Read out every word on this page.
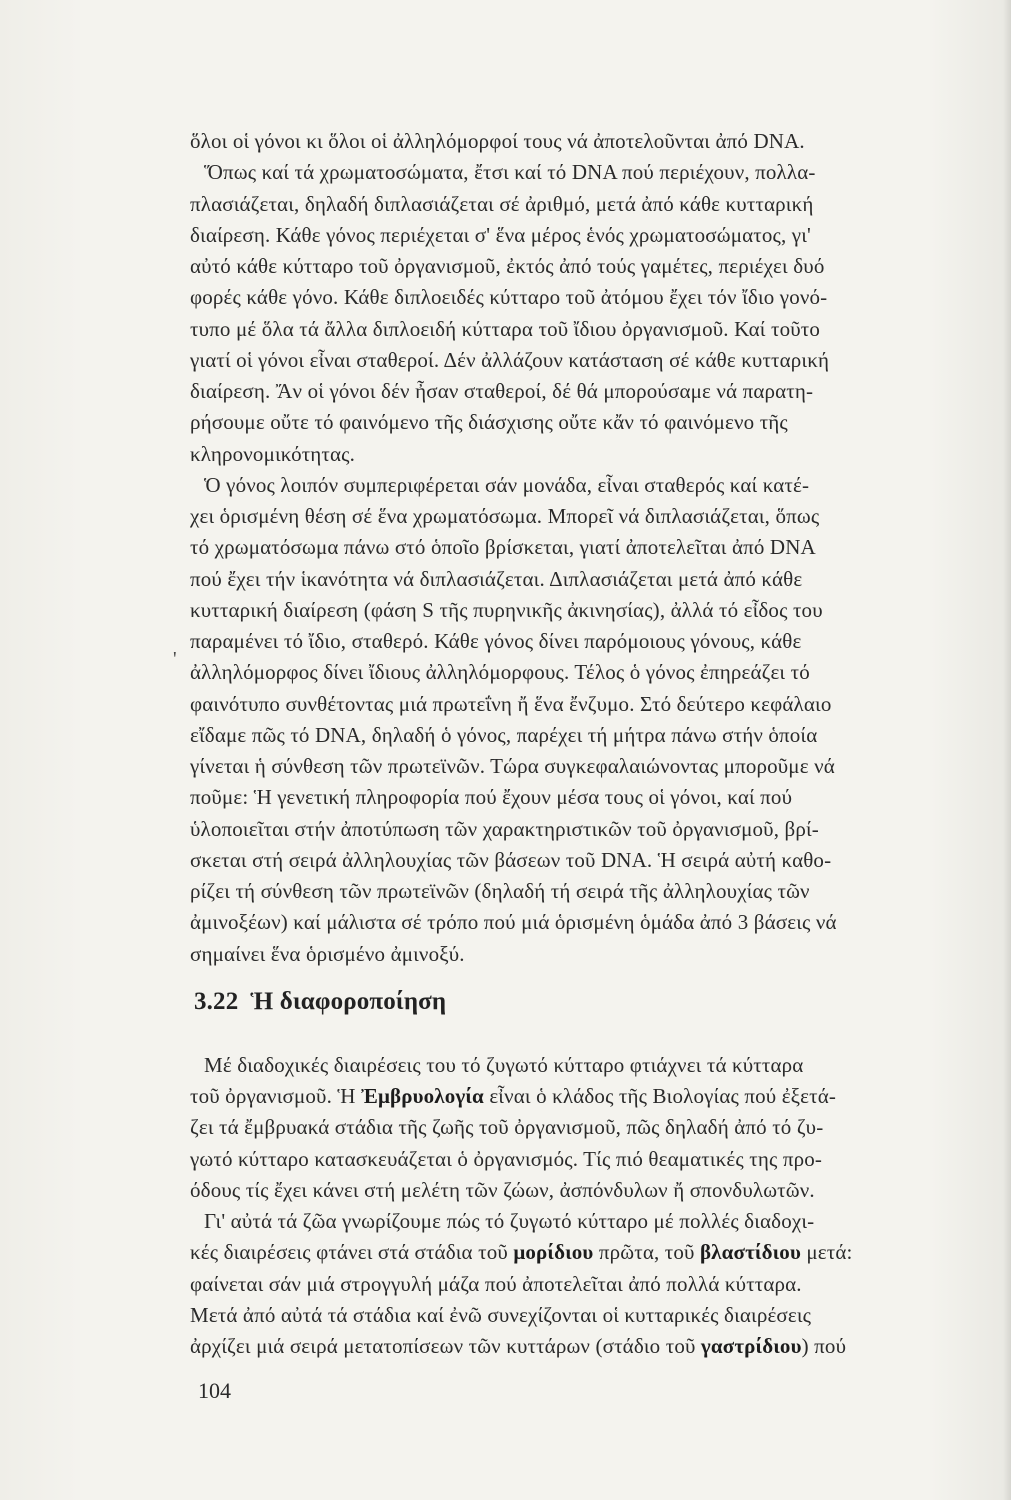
ὅλοι οἱ γόνοι κι ὅλοι οἱ ἀλληλόμορφοί τους νά ἀποτελοῦνται ἀπό DNA.
Ὅπως καί τά χρωματοσώματα, ἔτσι καί τό DNA πού περιέχουν, πολλα-
πλασιάζεται, δηλαδή διπλασιάζεται σέ ἀριθμό, μετά ἀπό κάθε κυτταρική
διαίρεση. Κάθε γόνος περιέχεται σ' ἕνα μέρος ἑνός χρωματοσώματος, γι'
αὐτό κάθε κύτταρο τοῦ ὀργανισμοῦ, ἐκτός ἀπό τούς γαμέτες, περιέχει δυό
φορές κάθε γόνο. Κάθε διπλοειδές κύτταρο τοῦ ἀτόμου ἔχει τόν ἴδιο γονό-
τυπο μέ ὅλα τά ἄλλα διπλοειδή κύτταρα τοῦ ἴδιου ὀργανισμοῦ. Καί τοῦτο
γιατί οἱ γόνοι εἶναι σταθεροί. Δέν ἀλλάζουν κατάσταση σέ κάθε κυτταρική
διαίρεση. Ἄν οἱ γόνοι δέν ἦσαν σταθεροί, δέ θά μπορούσαμε νά παρατη-
ρήσουμε οὔτε τό φαινόμενο τῆς διάσχισης οὔτε κἄν τό φαινόμενο τῆς
κληρονομικότητας.
Ὁ γόνος λοιπόν συμπεριφέρεται σάν μονάδα, εἶναι σταθερός καί κατέ-
χει ὁρισμένη θέση σέ ἕνα χρωματόσωμα. Μπορεῖ νά διπλασιάζεται, ὅπως
τό χρωματόσωμα πάνω στό ὁποῖο βρίσκεται, γιατί ἀποτελεῖται ἀπό DNA
πού ἔχει τήν ἱκανότητα νά διπλασιάζεται. Διπλασιάζεται μετά ἀπό κάθε
κυτταρική διαίρεση (φάση S τῆς πυρηνικῆς ἀκινησίας), ἀλλά τό εἶδος του
παραμένει τό ἴδιο, σταθερό. Κάθε γόνος δίνει παρόμοιους γόνους, κάθε
ἀλληλόμορφος δίνει ἴδιους ἀλληλόμορφους. Τέλος ὁ γόνος ἐπηρεάζει τό
φαινότυπο συνθέτοντας μιά πρωτεΐνη ἤ ἕνα ἔνζυμο. Στό δεύτερο κεφάλαιο
εἴδαμε πῶς τό DNA, δηλαδή ὁ γόνος, παρέχει τή μήτρα πάνω στήν ὁποία
γίνεται ἡ σύνθεση τῶν πρωτεϊνῶν. Τώρα συγκεφαλαιώνοντας μποροῦμε νά
ποῦμε: Ἡ γενετική πληροφορία πού ἔχουν μέσα τους οἱ γόνοι, καί πού
ὑλοποιεῖται στήν ἀποτύπωση τῶν χαρακτηριστικῶν τοῦ ὀργανισμοῦ, βρί-
σκεται στή σειρά ἀλληλουχίας τῶν βάσεων τοῦ DNA. Ἡ σειρά αὐτή καθο-
ρίζει τή σύνθεση τῶν πρωτεϊνῶν (δηλαδή τή σειρά τῆς ἀλληλουχίας τῶν
ἀμινοξέων) καί μάλιστα σέ τρόπο πού μιά ὁρισμένη ὁμάδα ἀπό 3 βάσεις νά
σημαίνει ἕνα ὁρισμένο ἀμινοξύ.
3.22 Ἡ διαφοροποίηση
Μέ διαδοχικές διαιρέσεις του τό ζυγωτό κύτταρο φτιάχνει τά κύτταρα
τοῦ ὀργανισμοῦ. Ἡ Ἐμβρυολογία εἶναι ὁ κλάδος τῆς Βιολογίας πού ἐξετά-
ζει τά ἔμβρυακά στάδια τῆς ζωῆς τοῦ ὀργανισμοῦ, πῶς δηλαδή ἀπό τό ζυ-
γωτό κύτταρο κατασκευάζεται ὁ ὀργανισμός. Τίς πιό θεαματικές της προ-
όδους τίς ἔχει κάνει στή μελέτη τῶν ζώων, ἀσπόνδυλων ἤ σπονδυλωτῶν.
Γι' αὐτά τά ζῶα γνωρίζουμε πώς τό ζυγωτό κύτταρο μέ πολλές διαδοχι-
κές διαιρέσεις φτάνει στά στάδια τοῦ μορίδιου πρῶτα, τοῦ βλαστίδιου μετά:
φαίνεται σάν μιά στρογγυλή μάζα πού ἀποτελεῖται ἀπό πολλά κύτταρα.
Μετά ἀπό αὐτά τά στάδια καί ἐνῶ συνεχίζονται οἱ κυτταρικές διαιρέσεις
ἀρχίζει μιά σειρά μετατοπίσεων τῶν κυττάρων (στάδιο τοῦ γαστρίδιου) πού
'
104
